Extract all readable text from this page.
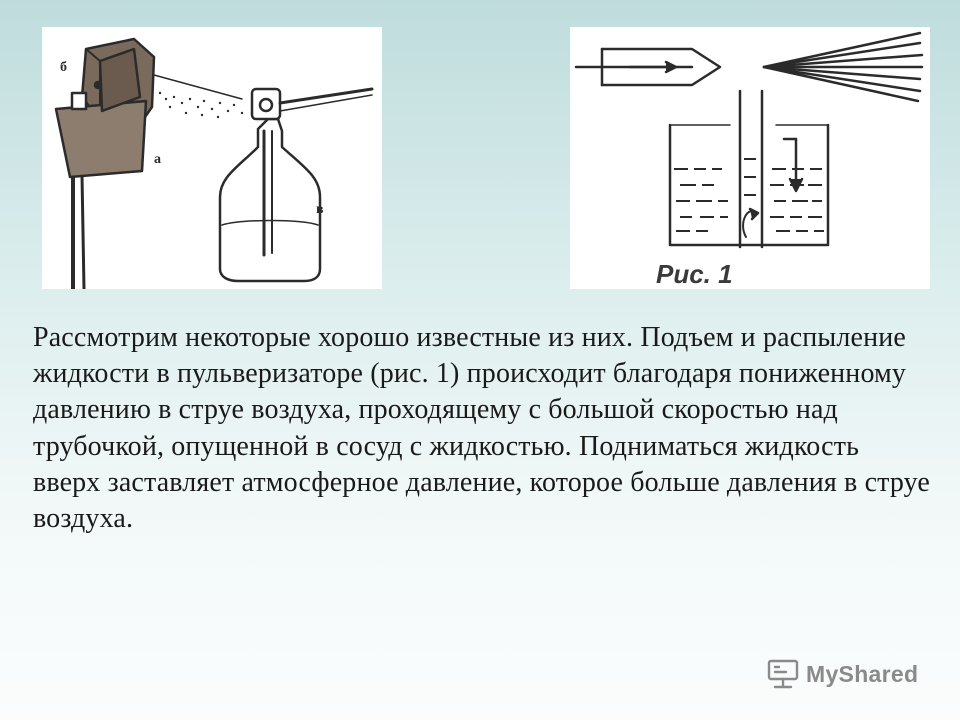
б
а
в
Рис. 1

Рассмотрим некоторые хорошо известные из них. Подъем и распыление жидкости в пульверизаторе (рис. 1) происходит благодаря пониженному давлению в струе воздуха, проходящему с большой скоростью над трубочкой, опущенной в сосуд с жидкостью. Подниматься жидкость вверх заставляет атмосферное давление, которое больше давления в струе воздуха.

MyShared
